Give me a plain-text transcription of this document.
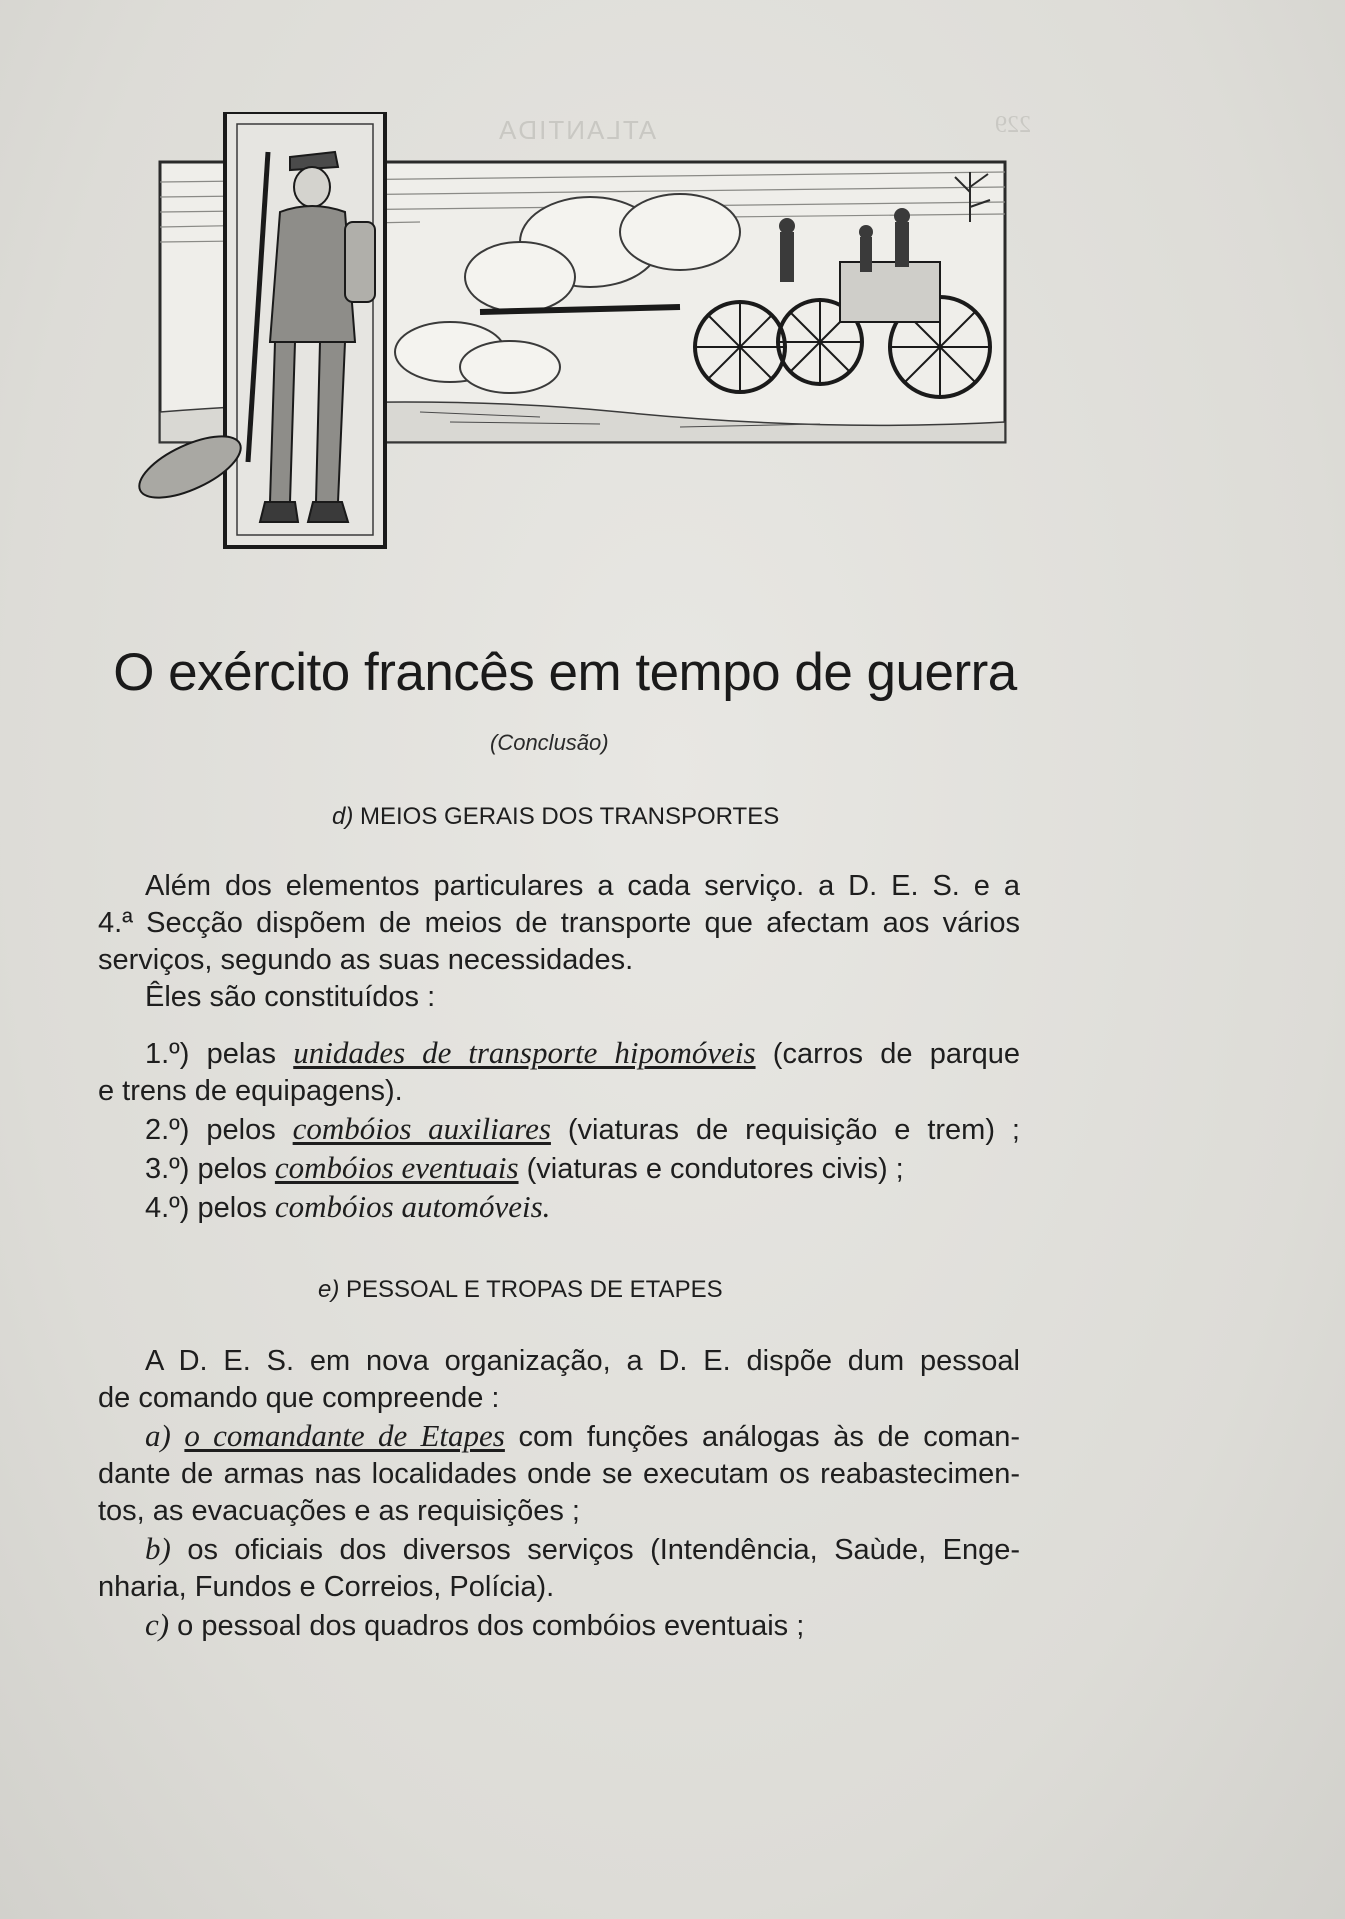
ATLANTIDA	229
O exército francês em tempo de guerra
(Conclusão)
d) MEIOS GERAIS DOS TRANSPORTES
Além dos elementos particulares a cada serviço. a D. E. S. e a
4.ª Secção dispõem de meios de transporte que afectam aos vários
serviços, segundo as suas necessidades.
Êles são constituídos :
1.º) pelas unidades de transporte hipomóveis (carros de parque
e trens de equipagens).
2.º) pelos combóios auxiliares (viaturas de requisição e trem) ;
3.º) pelos combóios eventuais (viaturas e condutores civis) ;
4.º) pelos combóios automóveis.
e) PESSOAL E TROPAS DE ETAPES
A D. E. S. em nova organização, a D. E. dispõe dum pessoal
de comando que compreende :
a) o comandante de Etapes com funções análogas às de coman-
dante de armas nas localidades onde se executam os reabastecimen-
tos, as evacuações e as requisições ;
b) os oficiais dos diversos serviços (Intendência, Saùde, Enge-
nharia, Fundos e Correios, Polícia).
c) o pessoal dos quadros dos combóios eventuais ;
